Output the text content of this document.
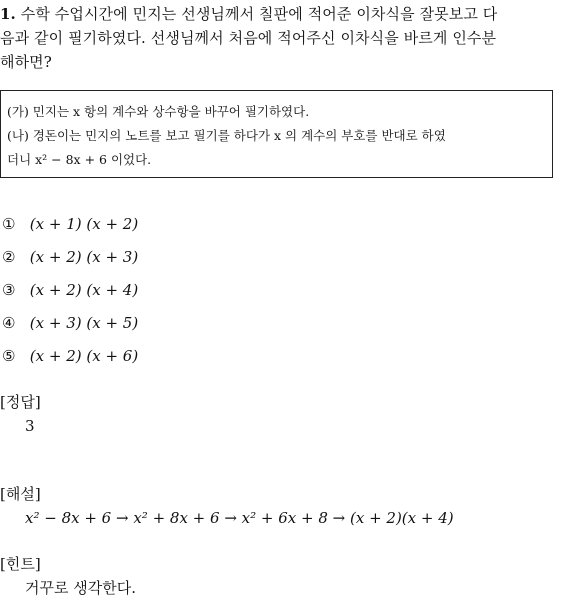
1. 수학 수업시간에 민지는 선생님께서 칠판에 적어준 이차식을 잘못보고 다
음과 같이 필기하였다. 선생님께서 처음에 적어주신 이차식을 바르게 인수분
해하면?
(가) 민지는 x 항의 계수와 상수항을 바꾸어 필기하였다.
(나) 경돈이는 민지의 노트를 보고 필기를 하다가 x 의 계수의 부호를 반대로 하였
더니 x² − 8x + 6 이었다.
① (x + 1) (x + 2)
② (x + 2) (x + 3)
③ (x + 2) (x + 4)
④ (x + 3) (x + 5)
⑤ (x + 2) (x + 6)
[정답]
3
[해설]
x² − 8x + 6 → x² + 8x + 6 → x² + 6x + 8 → (x + 2)(x + 4)
[힌트]
거꾸로 생각한다.
